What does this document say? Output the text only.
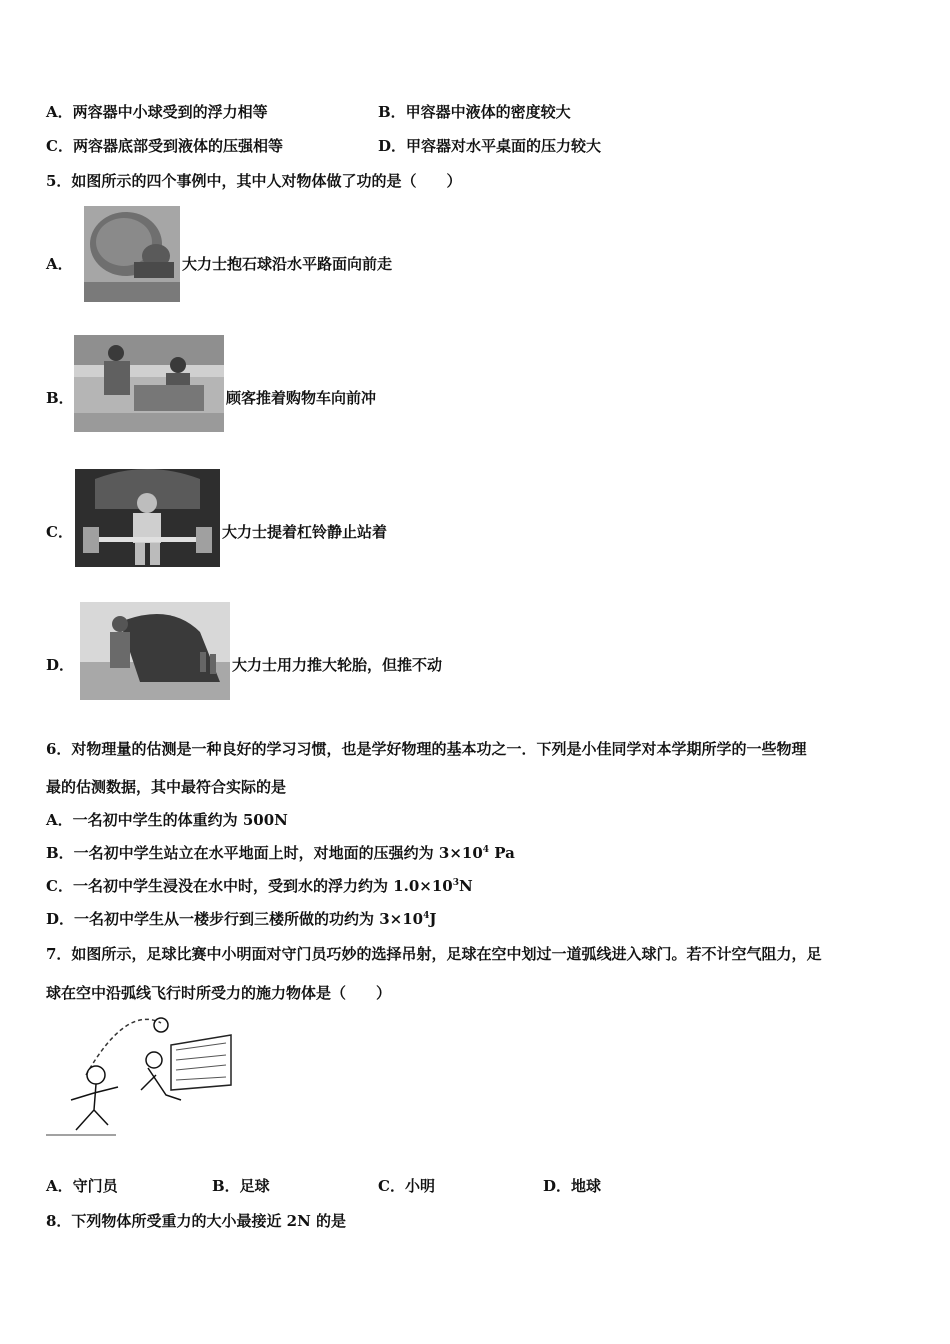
A．两容器中小球受到的浮力相等	B．甲容器中液体的密度较大
C．两容器底部受到液体的压强相等	D．甲容器对水平桌面的压力较大
5．如图所示的四个事例中，其中人对物体做了功的是（　　）
A．	大力士抱石球沿水平路面向前走
B．	顾客推着购物车向前冲
C．	大力士提着杠铃静止站着
D．	大力士用力推大轮胎，但推不动
6．对物理量的估测是一种良好的学习习惯，也是学好物理的基本功之一．下列是小佳同学对本学期所学的一些物理
最的估测数据，其中最符合实际的是
A．一名初中学生的体重约为 500N
B．一名初中学生站立在水平地面上时，对地面的压强约为 $3\times 10^4$ Pa
C．一名初中学生浸没在水中时，受到水的浮力约为 $1.0\times 10^3N$
D．一名初中学生从一楼步行到三楼所做的功约为 $3\times 10^4J$
7．如图所示，足球比赛中小明面对守门员巧妙的选择吊射，足球在空中划过一道弧线进入球门。若不计空气阻力，足
球在空中沿弧线飞行时所受力的施力物体是（　　）
A．守门员	B．足球	C．小明	D．地球
8．下列物体所受重力的大小最接近 2N 的是
